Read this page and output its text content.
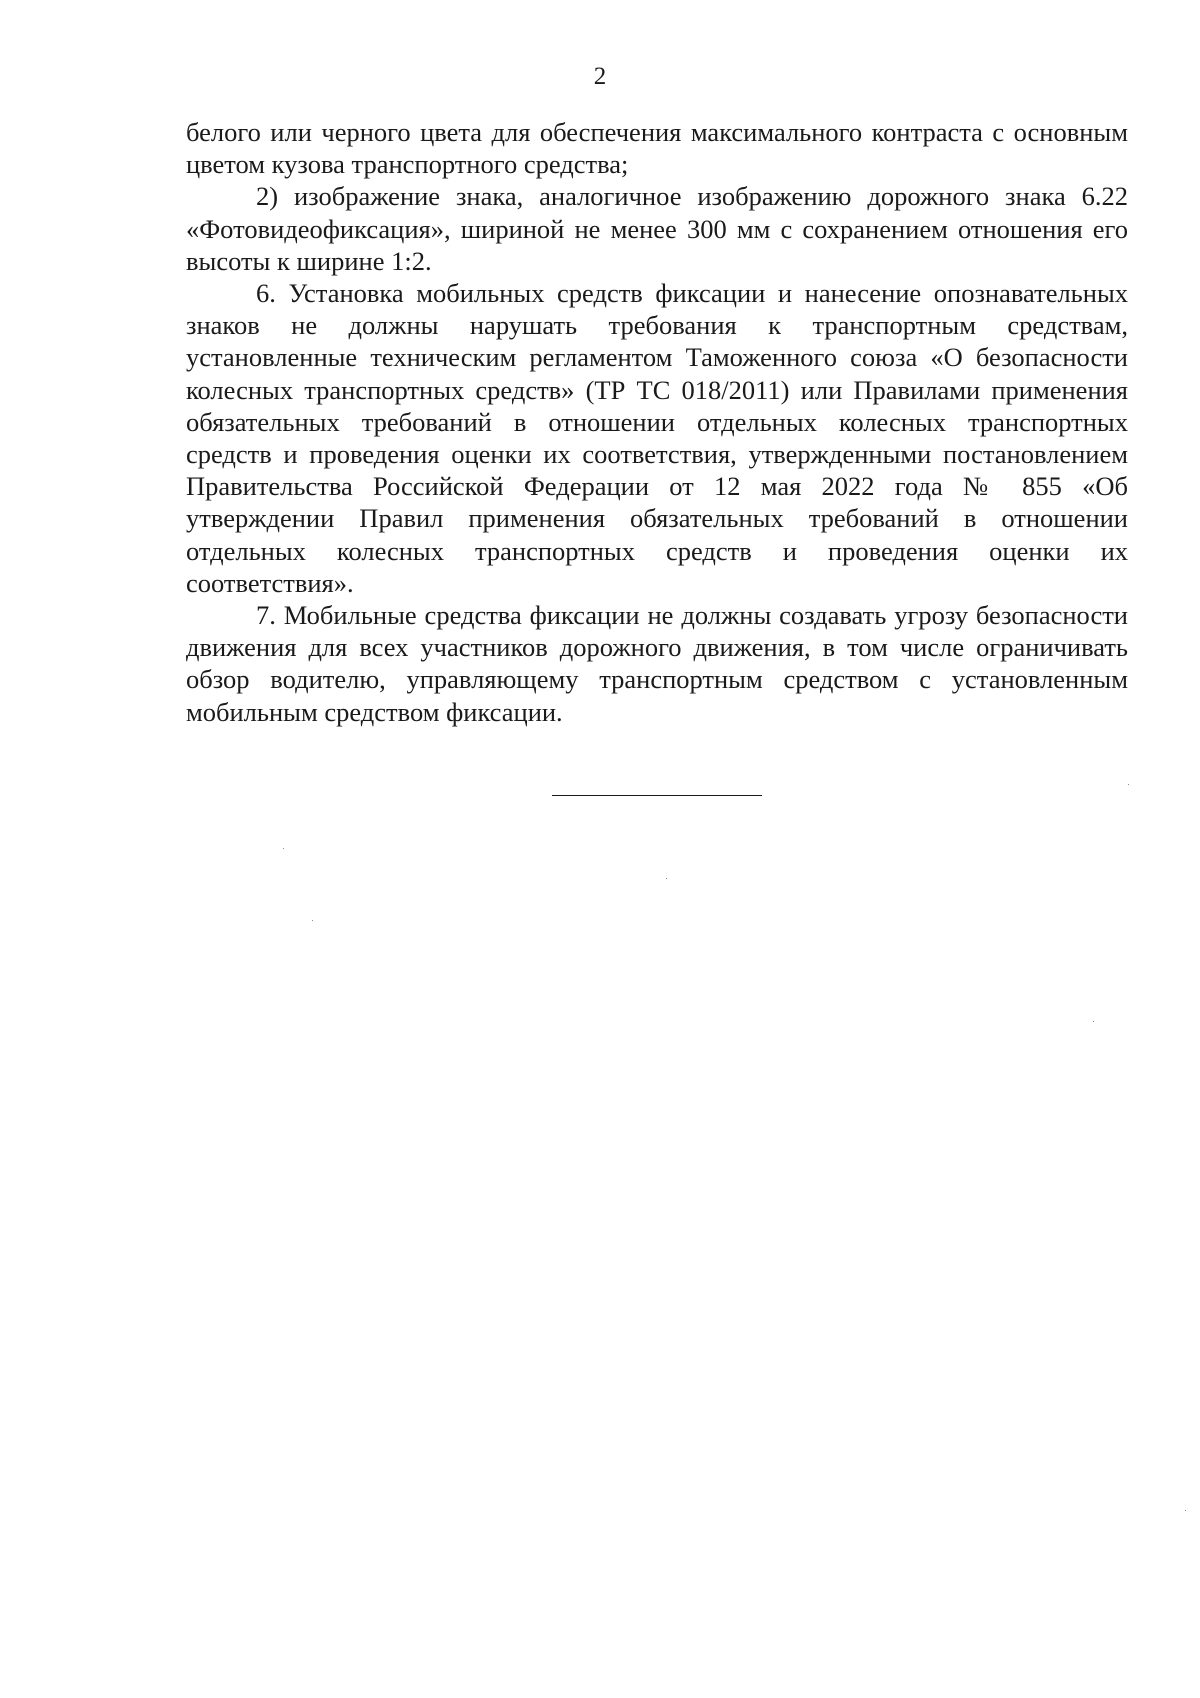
2

белого или черного цвета для обеспечения максимального контраста с основным цветом кузова транспортного средства;

2) изображение знака, аналогичное изображению дорожного знака 6.22 «Фотовидеофиксация», шириной не менее 300 мм с сохранением отношения его высоты к ширине 1:2.

6. Установка мобильных средств фиксации и нанесение опознавательных знаков не должны нарушать требования к транспортным средствам, установленные техническим регламентом Таможенного союза «О безопасности колесных транспортных средств» (ТР ТС 018/2011) или Правилами применения обязательных требований в отношении отдельных колесных транспортных средств и проведения оценки их соответствия, утвержденными постановлением Правительства Российской Федерации от 12 мая 2022 года № 855 «Об утверждении Правил применения обязательных требований в отношении отдельных колесных транспортных средств и проведения оценки их соответствия».

7. Мобильные средства фиксации не должны создавать угрозу безопасности движения для всех участников дорожного движения, в том числе ограничивать обзор водителю, управляющему транспортным средством с установленным мобильным средством фиксации.
